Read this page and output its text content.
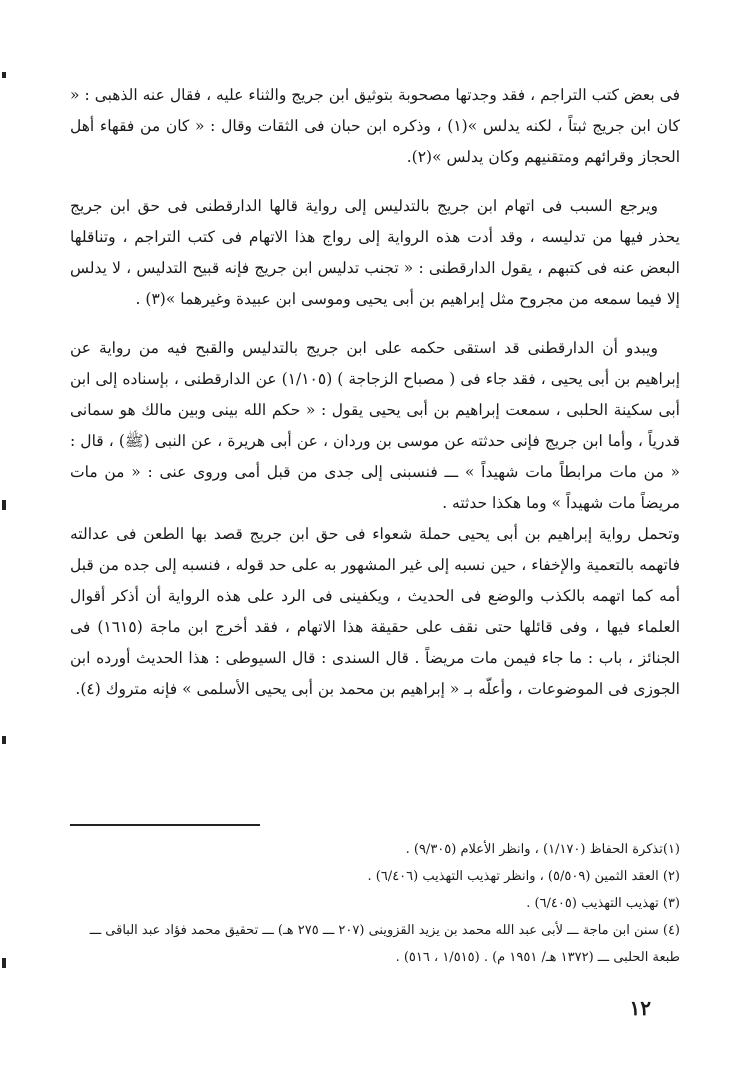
فى بعض كتب التراجم ، فقد وجدتها مصحوبة بتوثيق ابن جريج والثناء عليه ، فقال عنه الذهبى : « كان ابن جريج ثبتاً ، لكنه يدلس »(١) ، وذكره ابن حبان فى الثقات وقال : « كان من فقهاء أهل الحجاز وقرائهم ومتقنيهم وكان يدلس »(٢).

ويرجع السبب فى اتهام ابن جريج بالتدليس إلى رواية قالها الدارقطنى فى حق ابن جريج يحذر فيها من تدليسه ، وقد أدت هذه الرواية إلى رواج هذا الاتهام فى كتب التراجم ، وتناقلها البعض عنه فى كتبهم ، يقول الدارقطنى : « تجنب تدليس ابن جريج فإنه قبيح التدليس ، لا يدلس إلا فيما سمعه من مجروح مثل إبراهيم بن أبى يحيى وموسى ابن عبيدة وغيرهما »(٣) .

ويبدو أن الدارقطنى قد استقى حكمه على ابن جريج بالتدليس والقبح فيه من رواية عن إبراهيم بن أبى يحيى ، فقد جاء فى ( مصباح الزجاجة ) (١/١٠٥) عن الدارقطنى ، بإسناده إلى ابن أبى سكينة الحلبى ، سمعت إبراهيم بن أبى يحيى يقول : « حكم الله بينى وبين مالك هو سمانى قدرياً ، وأما ابن جريج فإنى حدثته عن موسى بن وردان ، عن أبى هريرة ، عن النبى (ﷺ) ، قال : « من مات مرابطاً مات شهيداً » ـــ فنسبنى إلى جدى من قبل أمى وروى عنى : « من مات مريضاً مات شهيداً » وما هكذا حدثته .

وتحمل رواية إبراهيم بن أبى يحيى حملة شعواء فى حق ابن جريج قصد بها الطعن فى عدالته فاتهمه بالتعمية والإخفاء ، حين نسبه إلى غير المشهور به على حد قوله ، فنسبه إلى جده من قبل أمه كما اتهمه بالكذب والوضع فى الحديث ، ويكفينى فى الرد على هذه الرواية أن أذكر أقوال العلماء فيها ، وفى قائلها حتى نقف على حقيقة هذا الاتهام ، فقد أخرج ابن ماجة (١٦١٥) فى الجنائز ، باب : ما جاء فيمن مات مريضاً . قال السندى : قال السيوطى : هذا الحديث أورده ابن الجوزى فى الموضوعات ، وأعلّه بـ « إبراهيم بن محمد بن أبى يحيى الأسلمى » فإنه متروك (٤).

(١)تذكرة الحفاظ (١/١٧٠) ، وانظر الأعلام (٩/٣٠٥) .

(٢) العقد الثمين (٥/٥٠٩) ، وانظر تهذيب التهذيب (٦/٤٠٦) .

(٣) تهذيب التهذيب (٦/٤٠٥) .

(٤) سنن ابن ماجة ـــ لأبى عبد الله محمد بن يزيد القزوينى (٢٠٧ ـــ ٢٧٥ هـ) ـــ تحقيق محمد فؤاد عبد الباقى ـــ طبعة الحلبى ـــ (١٣٧٢ هـ/ ١٩٥١ م) . (١/٥١٥ ، ٥١٦) .

١٢
